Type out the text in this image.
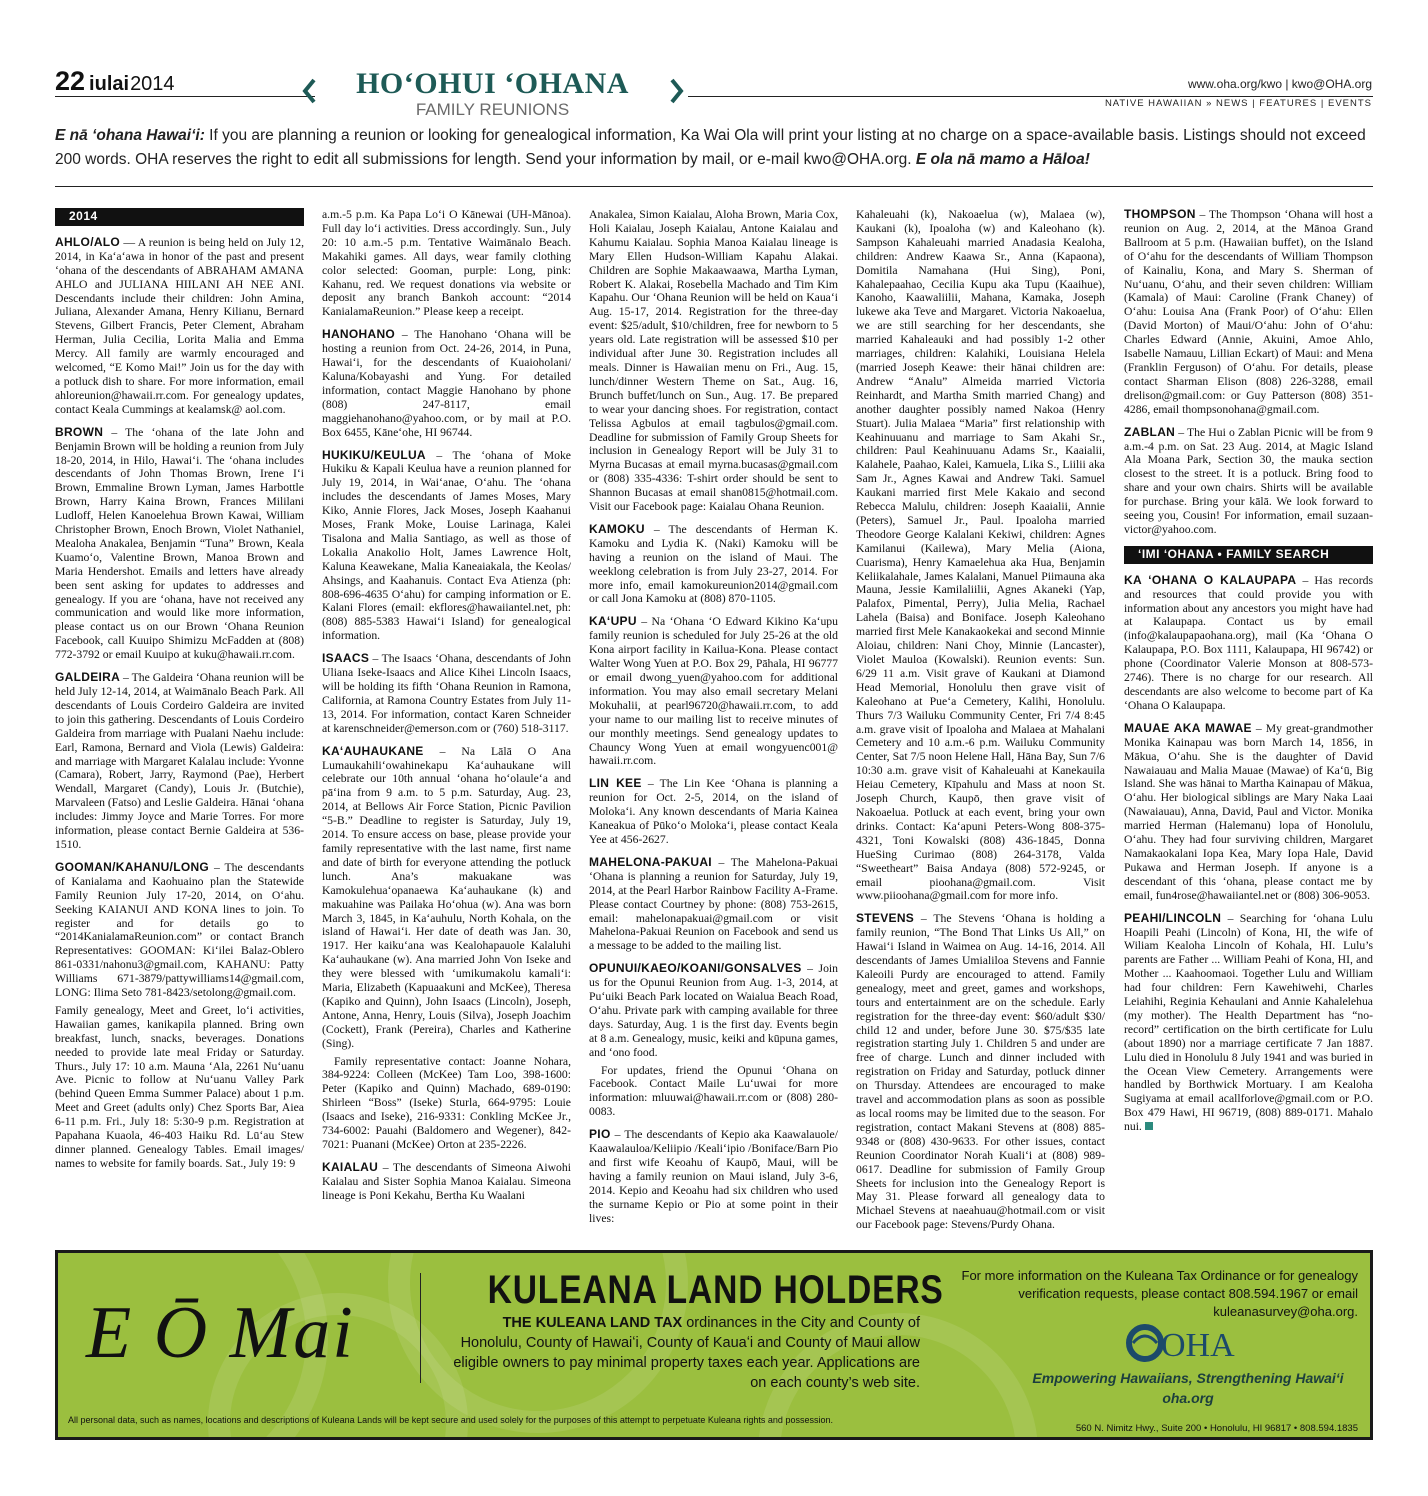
22 iulai2014	HOʻOHUI ʻOHANA
FAMILY REUNIONS
www.oha.org/kwo | kwo@OHA.org
NATIVE HAWAIIAN » NEWS | FEATURES | EVENTS
E nā ʻohana Hawaiʻi: If you are planning a reunion or looking for genealogical information, Ka Wai Ola will print your listing at no charge on a space-available basis. Listings should not exceed 200 words. OHA reserves the right to edit all submissions for length. Send your information by mail, or e-mail kwo@OHA.org. E ola nā mamo a Hāloa!
2014

AHLO/ALO — A reunion is being held on July 12, 2014, in Kaʻaʻawa in honor of the past and present ʻohana of the descendants of ABRAHAM AMANA AHLO and JULIANA HIILANI AH NEE ANI. Descendants include their children: John Amina, Juliana, Alexander Amana, Henry Kilianu, Bernard Stevens, Gilbert Francis, Peter Clement, Abraham Herman, Julia Cecilia, Lorita Malia and Emma Mercy. All family are warmly encouraged and welcomed, “E Komo Mai!” Join us for the day with a potluck dish to share. For more information, email ahloreunion@hawaii.rr.com. For genealogy updates, contact Keala Cummings at kealamsk@ aol.com.

BROWN – The ʻohana of the late John and Benjamin Brown will be holding a reunion from July 18-20, 2014, in Hilo, Hawaiʻi. The ʻohana includes descendants of John Thomas Brown, Irene Iʻi Brown, Emmaline Brown Lyman, James Harbottle Brown, Harry Kaina Brown, Frances Mililani Ludloff, Helen Kanoelehua Brown Kawai, William Christopher Brown, Enoch Brown, Violet Nathaniel, Mealoha Anakalea, Benjamin “Tuna” Brown, Keala Kuamoʻo, Valentine Brown, Manoa Brown and Maria Hendershot. Emails and letters have already been sent asking for updates to addresses and genealogy. If you are ʻohana, have not received any communication and would like more information, please contact us on our Brown ʻOhana Reunion Facebook, call Kuuipo Shimizu McFadden at (808) 772-3792 or email Kuuipo at kuku@hawaii.rr.com.

GALDEIRA – The Galdeira ʻOhana reunion will be held July 12-14, 2014, at Waimānalo Beach Park. All descendants of Louis Cordeiro Galdeira are invited to join this gathering. Descendants of Louis Cordeiro Galdeira from marriage with Pualani Naehu include: Earl, Ramona, Bernard and Viola (Lewis) Galdeira: and marriage with Margaret Kalalau include: Yvonne (Camara), Robert, Jarry, Raymond (Pae), Herbert Wendall, Margaret (Candy), Louis Jr. (Butchie), Marvaleen (Fatso) and Leslie Galdeira. Hānai ʻohana includes: Jimmy Joyce and Marie Torres. For more information, please contact Bernie Galdeira at 536-1510.

GOOMAN/KAHANU/LONG – The descendants of Kanialama and Kaohuaino plan the Statewide Family Reunion July 17-20, 2014, on Oʻahu. Seeking KAIANUI AND KONA lines to join. To register and for details go to “2014KanialamaReunion.com” or contact Branch Representatives: GOOMAN: Kiʻilei Balaz-Oblero 861-0331/nahonu3@gmail.com, KAHANU: Patty Williams 671-3879/pattywilliams14@gmail.com, LONG: Ilima Seto 781-8423/setolong@gmail.com.

Family genealogy, Meet and Greet, loʻi activities, Hawaiian games, kanikapila planned. Bring own breakfast, lunch, snacks, beverages. Donations needed to provide late meal Friday or Saturday. Thurs., July 17: 10 a.m. Mauna ʻAla, 2261 Nuʻuanu Ave. Picnic to follow at Nuʻuanu Valley Park (behind Queen Emma Summer Palace) about 1 p.m. Meet and Greet (adults only) Chez Sports Bar, Aiea 6-11 p.m. Fri., July 18: 5:30-9 p.m. Registration at Papahana Kuaola, 46-403 Haiku Rd. Lūʻau Stew dinner planned. Genealogy Tables. Email images/ names to website for family boards. Sat., July 19: 9

a.m.-5 p.m. Ka Papa Loʻi O Kānewai (UH-Mānoa). Full day loʻi activities. Dress accordingly. Sun., July 20: 10 a.m.-5 p.m. Tentative Waimānalo Beach. Makahiki games. All days, wear family clothing color selected: Gooman, purple: Long, pink: Kahanu, red. We request donations via website or deposit any branch Bankoh account: “2014 KanialamaReunion.” Please keep a receipt.

HANOHANO – The Hanohano ʻOhana will be hosting a reunion from Oct. 24-26, 2014, in Puna, Hawaiʻi, for the descendants of Kuaioholani/ Kaluna/Kobayashi and Yung. For detailed information, contact Maggie Hanohano by phone (808) 247-8117, email maggiehanohano@yahoo.com, or by mail at P.O. Box 6455, Kāneʻohe, HI 96744.

HUKIKU/KEULUA – The ʻohana of Moke Hukiku & Kapali Keulua have a reunion planned for July 19, 2014, in Waiʻanae, Oʻahu. The ʻohana includes the descendants of James Moses, Mary Kiko, Annie Flores, Jack Moses, Joseph Kaahanui Moses, Frank Moke, Louise Larinaga, Kalei Tisalona and Malia Santiago, as well as those of Lokalia Anakolio Holt, James Lawrence Holt, Kaluna Keawekane, Malia Kaneaiakala, the Keolas/ Ahsings, and Kaahanuis. Contact Eva Atienza (ph: 808-696-4635 Oʻahu) for camping information or E. Kalani Flores (email: ekflores@hawaiiantel.net, ph: (808) 885-5383 Hawaiʻi Island) for genealogical information.

ISAACS – The Isaacs ʻOhana, descendants of John Uliana Iseke-Isaacs and Alice Kihei Lincoln Isaacs, will be holding its fifth ʻOhana Reunion in Ramona, California, at Ramona Country Estates from July 11-13, 2014. For information, contact Karen Schneider at karenschneider@emerson.com or (760) 518-3117.

KAʻAUHAUKANE – Na Lālā O Ana Lumaukahiliʻowahinekapu Kaʻauhaukane will celebrate our 10th annual ʻohana hoʻolauleʻa and pāʻina from 9 a.m. to 5 p.m. Saturday, Aug. 23, 2014, at Bellows Air Force Station, Picnic Pavilion “5-B.” Deadline to register is Saturday, July 19, 2014. To ensure access on base, please provide your family representative with the last name, first name and date of birth for everyone attending the potluck lunch. Ana’s makuakane was Kamokulehuaʻopanaewa Kaʻauhaukane (k) and makuahine was Pailaka Hoʻohua (w). Ana was born March 3, 1845, in Kaʻauhulu, North Kohala, on the island of Hawaiʻi. Her date of death was Jan. 30, 1917. Her kaikuʻana was Kealohapauole Kalaluhi Kaʻauhaukane (w). Ana married John Von Iseke and they were blessed with ʻumikumakolu kamaliʻi: Maria, Elizabeth (Kapuaakuni and McKee), Theresa (Kapiko and Quinn), John Isaacs (Lincoln), Joseph, Antone, Anna, Henry, Louis (Silva), Joseph Joachim (Cockett), Frank (Pereira), Charles and Katherine (Sing).

Family representative contact: Joanne Nohara, 384-9224: Colleen (McKee) Tam Loo, 398-1600: Peter (Kapiko and Quinn) Machado, 689-0190: Shirleen “Boss” (Iseke) Sturla, 664-9795: Louie (Isaacs and Iseke), 216-9331: Conkling McKee Jr., 734-6002: Pauahi (Baldomero and Wegener), 842-7021: Puanani (McKee) Orton at 235-2226.

KAIALAU – The descendants of Simeona Aiwohi Kaialau and Sister Sophia Manoa Kaialau. Simeona lineage is Poni Kekahu, Bertha Ku Waalani

Anakalea, Simon Kaialau, Aloha Brown, Maria Cox, Holi Kaialau, Joseph Kaialau, Antone Kaialau and Kahumu Kaialau. Sophia Manoa Kaialau lineage is Mary Ellen Hudson-William Kapahu Alakai. Children are Sophie Makaawaawa, Martha Lyman, Robert K. Alakai, Rosebella Machado and Tim Kim Kapahu. Our ʻOhana Reunion will be held on Kauaʻi Aug. 15-17, 2014. Registration for the three-day event: $25/adult, $10/children, free for newborn to 5 years old. Late registration will be assessed $10 per individual after June 30. Registration includes all meals. Dinner is Hawaiian menu on Fri., Aug. 15, lunch/dinner Western Theme on Sat., Aug. 16, Brunch buffet/lunch on Sun., Aug. 17. Be prepared to wear your dancing shoes. For registration, contact Telissa Agbulos at email tagbulos@gmail.com. Deadline for submission of Family Group Sheets for inclusion in Genealogy Report will be July 31 to Myrna Bucasas at email myrna.bucasas@gmail.com or (808) 335-4336: T-shirt order should be sent to Shannon Bucasas at email shan0815@hotmail.com. Visit our Facebook page: Kaialau Ohana Reunion.

KAMOKU – The descendants of Herman K. Kamoku and Lydia K. (Naki) Kamoku will be having a reunion on the island of Maui. The weeklong celebration is from July 23-27, 2014. For more info, email kamokureunion2014@gmail.com or call Jona Kamoku at (808) 870-1105.

KAʻUPU – Na ʻOhana ʻO Edward Kikino Kaʻupu family reunion is scheduled for July 25-26 at the old Kona airport facility in Kailua-Kona. Please contact Walter Wong Yuen at P.O. Box 29, Pāhala, HI 96777 or email dwong_yuen@yahoo.com for additional information. You may also email secretary Melani Mokuhalii, at pearl96720@hawaii.rr.com, to add your name to our mailing list to receive minutes of our monthly meetings. Send genealogy updates to Chauncy Wong Yuen at email wongyuenc001@ hawaii.rr.com.

LIN KEE – The Lin Kee ʻOhana is planning a reunion for Oct. 2-5, 2014, on the island of Molokaʻi. Any known descendants of Maria Kainea Kaneakua of Pūkoʻo Molokaʻi, please contact Keala Yee at 456-2627.

MAHELONA-PAKUAI – The Mahelona-Pakuai ʻOhana is planning a reunion for Saturday, July 19, 2014, at the Pearl Harbor Rainbow Facility A-Frame. Please contact Courtney by phone: (808) 753-2615, email: mahelonapakuai@gmail.com or visit Mahelona-Pakuai Reunion on Facebook and send us a message to be added to the mailing list.

OPUNUI/KAEO/KOANI/GONSALVES – Join us for the Opunui Reunion from Aug. 1-3, 2014, at Puʻuiki Beach Park located on Waialua Beach Road, Oʻahu. Private park with camping available for three days. Saturday, Aug. 1 is the first day. Events begin at 8 a.m. Genealogy, music, keiki and kūpuna games, and ʻono food.

For updates, friend the Opunui ʻOhana on Facebook. Contact Maile Luʻuwai for more information: mluuwai@hawaii.rr.com or (808) 280-0083.

PIO – The descendants of Kepio aka Kaawalauole/ Kaawalauloa/Keliipio /Kealiʻipio /Boniface/Barn Pio and first wife Keoahu of Kaupō, Maui, will be having a family reunion on Maui island, July 3-6, 2014. Kepio and Keoahu had six children who used the surname Kepio or Pio at some point in their lives:

Kahaleuahi (k), Nakoaelua (w), Malaea (w), Kaukani (k), Ipoaloha (w) and Kaleohano (k). Sampson Kahaleuahi married Anadasia Kealoha, children: Andrew Kaawa Sr., Anna (Kapaona), Domitila Namahana (Hui Sing), Poni, Kahalepaahao, Cecilia Kupu aka Tupu (Kaaihue), Kanoho, Kaawaliilii, Mahana, Kamaka, Joseph lukewe aka Teve and Margaret. Victoria Nakoaelua, we are still searching for her descendants, she married Kahaleauki and had possibly 1-2 other marriages, children: Kalahiki, Louisiana Helela (married Joseph Keawe: their hānai children are: Andrew “Analu” Almeida married Victoria Reinhardt, and Martha Smith married Chang) and another daughter possibly named Nakoa (Henry Stuart). Julia Malaea “Maria” first relationship with Keahinuuanu and marriage to Sam Akahi Sr., children: Paul Keahinuuanu Adams Sr., Kaaialii, Kalahele, Paahao, Kalei, Kamuela, Lika S., Liilii aka Sam Jr., Agnes Kawai and Andrew Taki. Samuel Kaukani married first Mele Kakaio and second Rebecca Malulu, children: Joseph Kaaialii, Annie (Peters), Samuel Jr., Paul. Ipoaloha married Theodore George Kalalani Kekiwi, children: Agnes Kamilanui (Kailewa), Mary Melia (Aiona, Cuarisma), Henry Kamaelehua aka Hua, Benjamin Keliikalahale, James Kalalani, Manuel Piimauna aka Mauna, Jessie Kamilaliilii, Agnes Akaneki (Yap, Palafox, Pimental, Perry), Julia Melia, Rachael Lahela (Baisa) and Boniface. Joseph Kaleohano married first Mele Kanakaokekai and second Minnie Aloiau, children: Nani Choy, Minnie (Lancaster), Violet Mauloa (Kowalski). Reunion events: Sun. 6/29 11 a.m. Visit grave of Kaukani at Diamond Head Memorial, Honolulu then grave visit of Kaleohano at Pueʻa Cemetery, Kalihi, Honolulu. Thurs 7/3 Wailuku Community Center, Fri 7/4 8:45 a.m. grave visit of Ipoaloha and Malaea at Mahalani Cemetery and 10 a.m.-6 p.m. Wailuku Community Center, Sat 7/5 noon Helene Hall, Hāna Bay, Sun 7/6 10:30 a.m. grave visit of Kahaleuahi at Kanekauila Heiau Cemetery, Kīpahulu and Mass at noon St. Joseph Church, Kaupō, then grave visit of Nakoaelua. Potluck at each event, bring your own drinks. Contact: Kaʻapuni Peters-Wong 808-375-4321, Toni Kowalski (808) 436-1845, Donna HueSing Curimao (808) 264-3178, Valda “Sweetheart” Baisa Andaya (808) 572-9245, or email pioohana@gmail.com. Visit www.piioohana@gmail.com for more info.

STEVENS – The Stevens ʻOhana is holding a family reunion, “The Bond That Links Us All,” on Hawaiʻi Island in Waimea on Aug. 14-16, 2014. All descendants of James Umialiloa Stevens and Fannie Kaleoili Purdy are encouraged to attend. Family genealogy, meet and greet, games and workshops, tours and entertainment are on the schedule. Early registration for the three-day event: $60/adult $30/ child 12 and under, before June 30. $75/$35 late registration starting July 1. Children 5 and under are free of charge. Lunch and dinner included with registration on Friday and Saturday, potluck dinner on Thursday. Attendees are encouraged to make travel and accommodation plans as soon as possible as local rooms may be limited due to the season. For registration, contact Makani Stevens at (808) 885-9348 or (808) 430-9633. For other issues, contact Reunion Coordinator Norah Kualiʻi at (808) 989-0617. Deadline for submission of Family Group Sheets for inclusion into the Genealogy Report is May 31. Please forward all genealogy data to Michael Stevens at naeahuau@hotmail.com or visit our Facebook page: Stevens/Purdy Ohana.

THOMPSON – The Thompson ʻOhana will host a reunion on Aug. 2, 2014, at the Mānoa Grand Ballroom at 5 p.m. (Hawaiian buffet), on the Island of Oʻahu for the descendants of William Thompson of Kainaliu, Kona, and Mary S. Sherman of Nuʻuanu, Oʻahu, and their seven children: William (Kamala) of Maui: Caroline (Frank Chaney) of Oʻahu: Louisa Ana (Frank Poor) of Oʻahu: Ellen (David Morton) of Maui/Oʻahu: John of Oʻahu: Charles Edward (Annie, Akuini, Amoe Ahlo, Isabelle Namauu, Lillian Eckart) of Maui: and Mena (Franklin Ferguson) of Oʻahu. For details, please contact Sharman Elison (808) 226-3288, email drelison@gmail.com: or Guy Patterson (808) 351-4286, email thompsonohana@gmail.com.

ZABLAN – The Hui o Zablan Picnic will be from 9 a.m.-4 p.m. on Sat. 23 Aug. 2014, at Magic Island Ala Moana Park, Section 30, the mauka section closest to the street. It is a potluck. Bring food to share and your own chairs. Shirts will be available for purchase. Bring your kālā. We look forward to seeing you, Cousin! For information, email suzaan-victor@yahoo.com.

ʻIMI ʻOHANA • FAMILY SEARCH

KA ʻOHANA O KALAUPAPA – Has records and resources that could provide you with information about any ancestors you might have had at Kalaupapa. Contact us by email (info@kalaupapaohana.org), mail (Ka ʻOhana O Kalaupapa, P.O. Box 1111, Kalaupapa, HI 96742) or phone (Coordinator Valerie Monson at 808-573-2746). There is no charge for our research. All descendants are also welcome to become part of Ka ʻOhana O Kalaupapa.

MAUAE AKA MAWAE – My great-grandmother Monika Kainapau was born March 14, 1856, in Mākua, Oʻahu. She is the daughter of David Nawaiauau and Malia Mauae (Mawae) of Kaʻū, Big Island. She was hānai to Martha Kainapau of Mākua, Oʻahu. Her biological siblings are Mary Naka Laai (Nawaiauau), Anna, David, Paul and Victor. Monika married Herman (Halemanu) lopa of Honolulu, Oʻahu. They had four surviving children, Margaret Namakaokalani Iopa Kea, Mary Iopa Hale, David Pukawa and Herman Joseph. If anyone is a descendant of this ʻohana, please contact me by email, fun4rose@hawaiiantel.net or (808) 306-9053.

PEAHI/LINCOLN – Searching for ʻohana Lulu Hoapili Peahi (Lincoln) of Kona, HI, the wife of Wiliam Kealoha Lincoln of Kohala, HI. Lulu’s parents are Father ... William Peahi of Kona, HI, and Mother ... Kaahoomaoi. Together Lulu and William had four children: Fern Kawehiwehi, Charles Leiahihi, Reginia Kehaulani and Annie Kahalelehua (my mother). The Health Department has “no-record” certification on the birth certificate for Lulu (about 1890) nor a marriage certificate 7 Jan 1887. Lulu died in Honolulu 8 July 1941 and was buried in the Ocean View Cemetery. Arrangements were handled by Borthwick Mortuary. I am Kealoha Sugiyama at email acallforlove@gmail.com or P.O. Box 479 Hawi, HI 96719, (808) 889-0171. Mahalo nui.

E Ō Mai
KULEANA LAND HOLDERS
THE KULEANA LAND TAX ordinances in the City and County of Honolulu, County of Hawaiʻi, County of Kauaʻi and County of Maui allow eligible owners to pay minimal property taxes each year. Applications are on each county’s web site.
For more information on the Kuleana Tax Ordinance or for genealogy verification requests, please contact 808.594.1967 or email kuleanasurvey@oha.org.
OHA
Empowering Hawaiians, Strengthening Hawaiʻi
oha.org
All personal data, such as names, locations and descriptions of Kuleana Lands will be kept secure and used solely for the purposes of this attempt to perpetuate Kuleana rights and possession.
560 N. Nimitz Hwy., Suite 200 • Honolulu, HI 96817 • 808.594.1835
